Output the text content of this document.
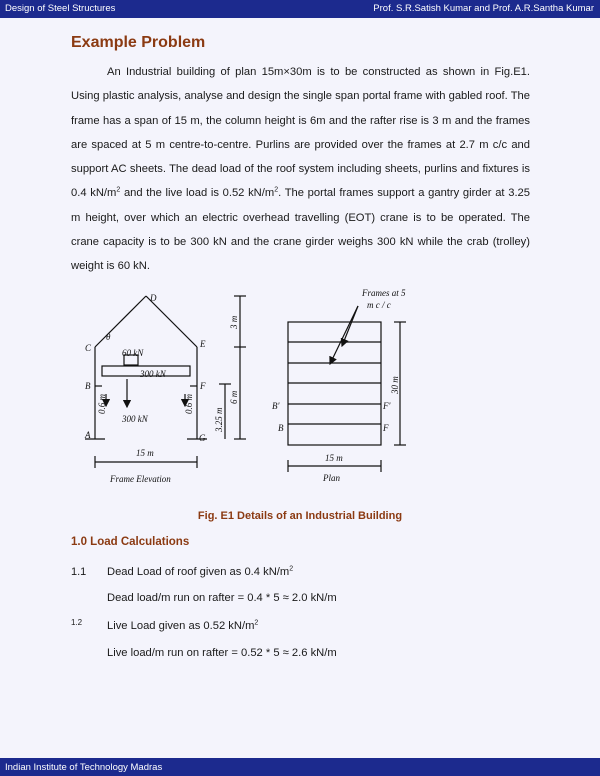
Design of Steel Structures	Prof. S.R.Satish Kumar and Prof. A.R.Santha Kumar
Example Problem

An Industrial building of plan 15m×30m is to be constructed as shown in Fig.E1. Using plastic analysis, analyse and design the single span portal frame with gabled roof. The frame has a span of 15 m, the column height is 6m and the rafter rise is 3 m and the frames are spaced at 5 m centre-to-centre. Purlins are provided over the frames at 2.7 m c/c and support AC sheets. The dead load of the roof system including sheets, purlins and fixtures is 0.4 $kN/m^2$ and the live load is 0.52 $kN/m^2$. The portal frames support a gantry girder at 3.25 m height, over which an electric overhead travelling (EOT) crane is to be operated. The crane capacity is to be 300 kN and the crane girder weighs 300 kN while the crab (trolley) weight is 60 kN.

D
C	E
B	F
A	G
θ
60 kN
300 kN
300 kN
15 m
Frame Elevation
0.6 m	0.6 m
3 m
6 m
3.25 m
Frames at 5
m c / c
30 m
15 m
Plan
B'	F'
B	F
Fig. E1 Details of an Industrial Building
1.0 Load Calculations
1.1 Dead Load of roof given as 0.4 $kN/m^2$
Dead load/m run on rafter = 0.4 * 5 ≈ 2.0 kN/m
1.2 Live Load given as 0.52 $kN/m^2$
Live load/m run on rafter = 0.52 * 5 ≈ 2.6 kN/m
Indian Institute of Technology Madras
